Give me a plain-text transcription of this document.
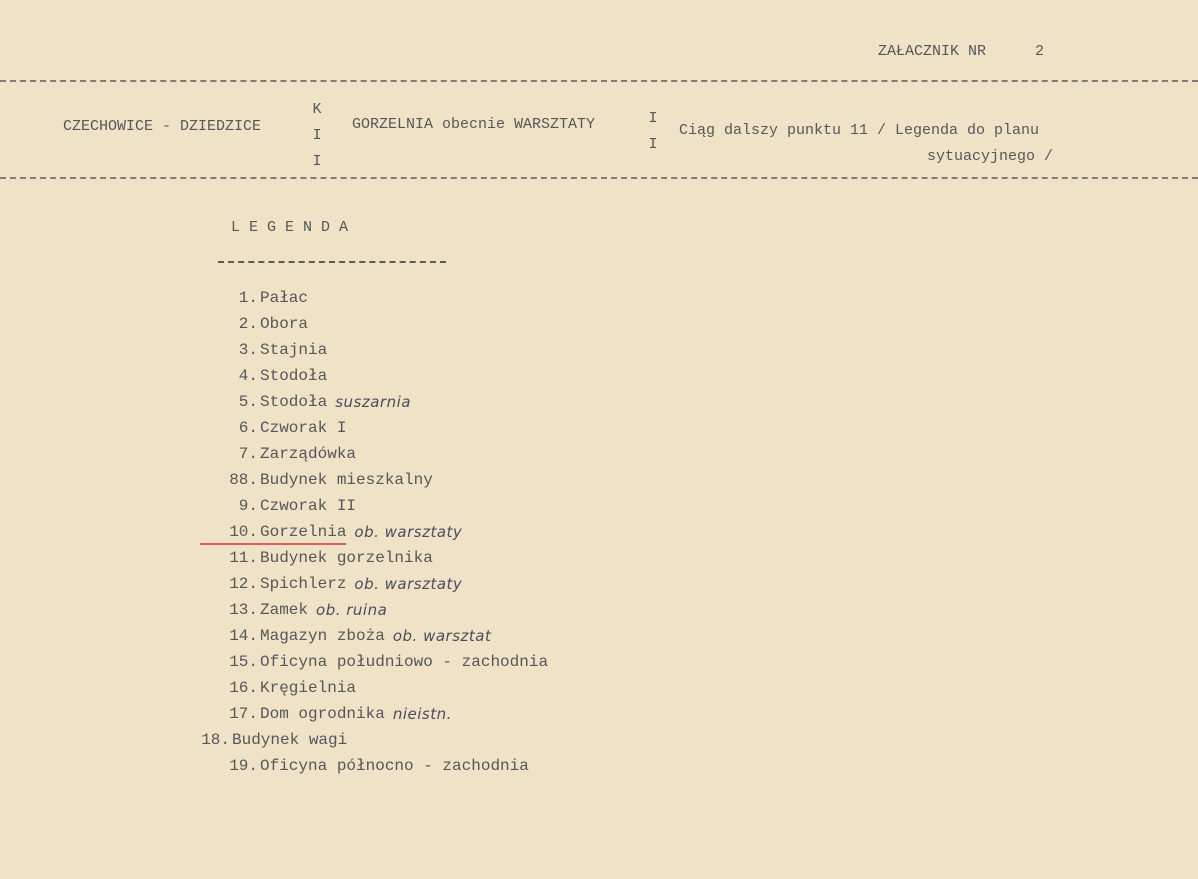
ZAŁACZNIK NR	2
CZECHOWICE - DZIEDZICE
K
I
I
GORZELNIA obecnie WARSZTATY	I
I
Ciąg dalszy punktu 11 / Legenda do planu
sytuacyjnego /
LEGENDA
1. Pałac
2. Obora
3. Stajnia
4. Stodoła
5. Stodoła suszarnia
6. Czworak I
7. Zarządówka
88. Budynek mieszkalny
9. Czworak II
10. Gorzelnia ob. warsztaty
11. Budynek gorzelnika
12. Spichlerz ob. warsztaty
13. Zamek ob. ruina
14. Magazyn zboża ob. warsztat
15. Oficyna południowo - zachodnia
16. Kręgielnia
17. Dom ogrodnika nieistn.
18. Budynek wagi
19. Oficyna północno - zachodnia
